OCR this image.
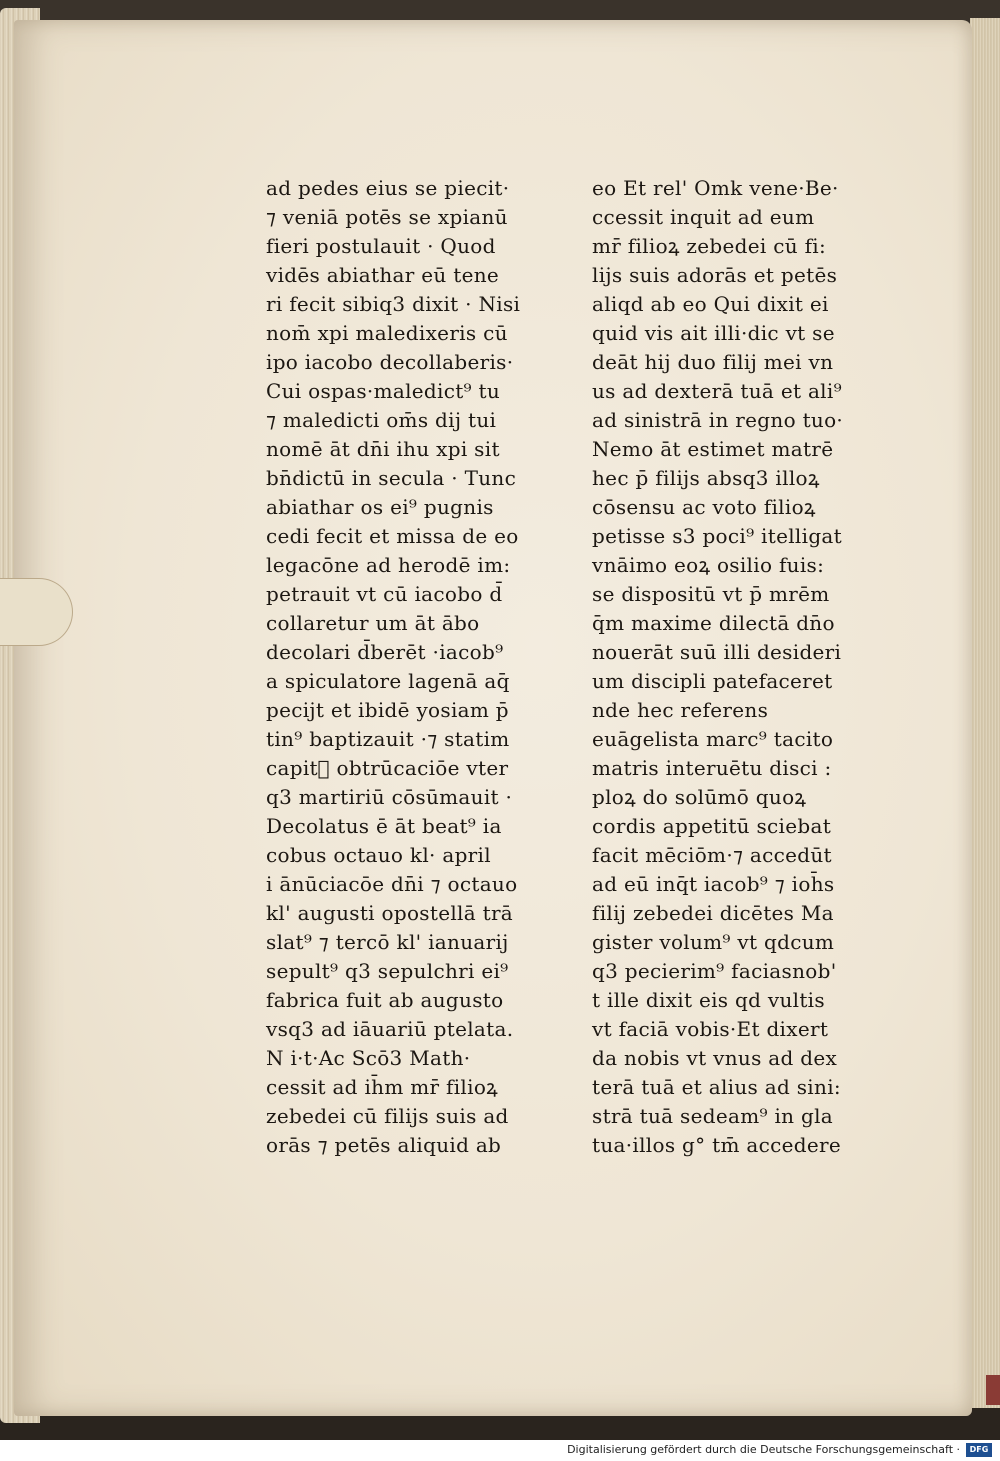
ad pedes eius se piecit·
⁊ veniā potēs se xpianū
fieri postulauit · Quod
vidēs abiathar eū tene
ri fecit sibiq3 dixit · Nisi
nom̄ xpi maledixeris cū
ipo iacobo decollaberis·
Cui ospas·maledict⁹ tu
⁊ maledicti om̄s dij tui
nomē āt dn̄i ihu xpi sit
bn̄dictū in secula · Tunc
abiathar os ei⁹ pugnis
cedi fecit et missa de eo
legacōne ad herodē im:
petrauit vt cū iacobo d̄
collaretur um āt ābo
decolari d̄berēt ·iacob⁹
a spiculatore lagenā aq̄
pecijt et ibidē yosiam p̄
tin⁹ baptizauit ·⁊ statim
capit᷑ obtrūcaciōe vter
q3 martiriū cōsūmauit ·
Decolatus ē āt beat⁹ ia
cobus octauo kl· april
i ānūciacōe dn̄i ⁊ octauo
kl' augusti opostellā trā
slat⁹ ⁊ tercō kl' ianuarij
sepult⁹ q3 sepulchri ei⁹
fabrica fuit ab augusto
vsq3 ad iāuariū ptelata.
N i·t·Ac Scō3 Math·
cessit ad ih̄m mr̄ filioꝝ
zebedei cū filijs suis ad
orās ⁊ petēs aliquid ab
eo Et rel' Omk vene·Be·
ccessit inquit ad eum
mr̄ filioꝝ zebedei cū fi:
lijs suis adorās et petēs
aliqd ab eo Qui dixit ei
quid vis ait illi·dic vt se
deāt hij duo filij mei vn
us ad dexterā tuā et ali⁹
ad sinistrā in regno tuo·
Nemo āt estimet matrē
hec p̄ filijs absq3 illoꝝ
cōsensu ac voto filioꝝ
petisse s3 poci⁹ itelligat
vnāimo eoꝝ osilio fuis:
se dispositū vt p̄ mrēm
q̄m maxime dilectā dn̄o
nouerāt suū illi desideri
um discipli patefaceret
nde hec referens
euāgelista marc⁹ tacito
matris interuētu disci :
ploꝝ do solūmō quoꝝ
cordis appetitū sciebat
facit mēciōm·⁊ accedūt
ad eū inq̄t iacob⁹ ⁊ ioh̄s
filij zebedei dicētes Ma
gister volum⁹ vt qdcum
q3 pecierim⁹ faciasnob'
t ille dixit eis qd vultis
vt faciā vobis·Et dixert
da nobis vt vnus ad dex
terā tuā et alius ad sini:
strā tuā sedeam⁹ in gla
tua·illos g° tm̄ accedere
Digitalisierung gefördert durch die Deutsche Forschungsgemeinschaft ·	DFG
